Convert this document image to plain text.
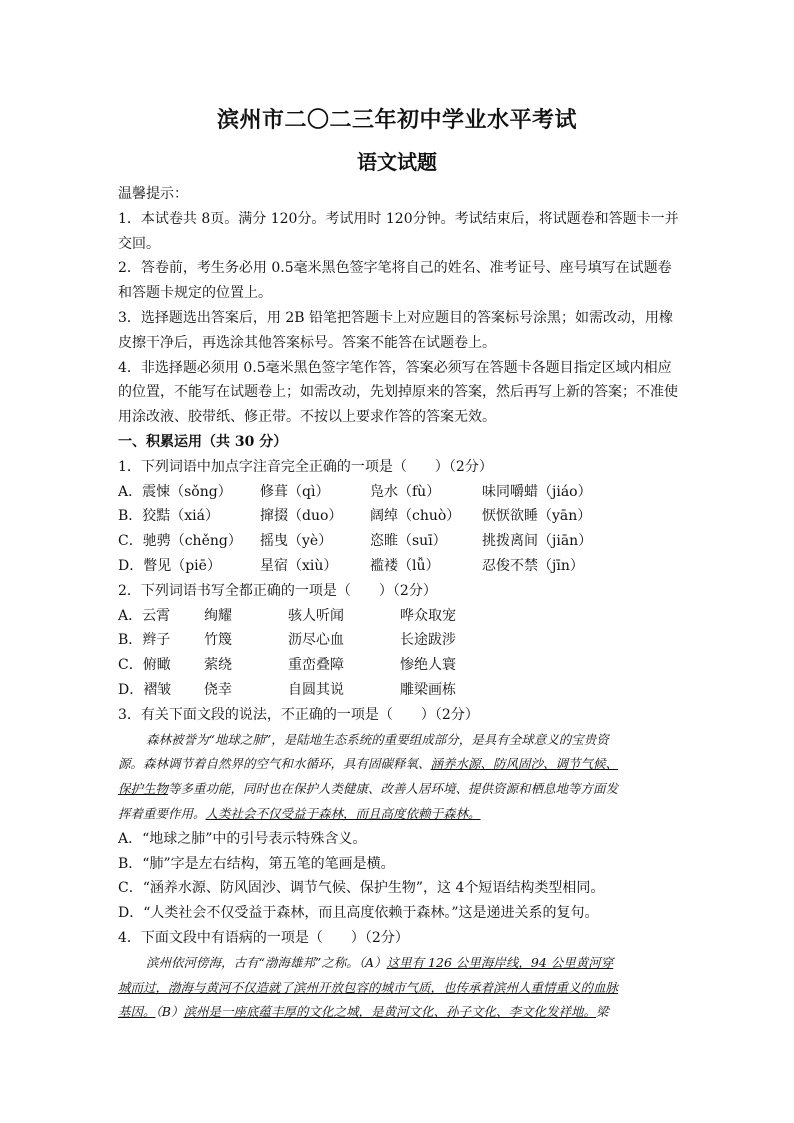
滨州市二〇二三年初中学业水平考试
语文试题
温馨提示：
1．本试卷共 8页。满分 120分。考试用时 120分钟。考试结束后，将试题卷和答题卡一并
交回。
2．答卷前，考生务必用 0.5毫米黑色签字笔将自己的姓名、准考证号、座号填写在试题卷
和答题卡规定的位置上。
3．选择题选出答案后，用 2B 铅笔把答题卡上对应题目的答案标号涂黑；如需改动，用橡
皮擦干净后，再选涂其他答案标号。答案不能答在试题卷上。
4．非选择题必须用 0.5毫米黑色签字笔作答，答案必须写在答题卡各题目指定区域内相应
的位置，不能写在试题卷上；如需改动，先划掉原来的答案，然后再写上新的答案；不准使
用涂改液、胶带纸、修正带。不按以上要求作答的答案无效。
一、积累运用（共 30 分）
1．下列词语中加点字注音完全正确的一项是（　　）（2分）
A．震悚（sǒng） 修葺（qì）	凫水（fù）	味同嚼蜡（jiáo）
B．狡黠（xiá）	撺掇（duo） 阔绰（chuò） 恹恹欲睡（yān）
C．驰骋（chěng） 摇曳（yè）	恣睢（suī）	挑拨离间（jiān）
D．瞥见（piē）	星宿（xiù） 褴褛（lǚ）	忍俊不禁（jīn）
2．下列词语书写全都正确的一项是（　　）（2分）
A．云霄 绚耀	骇人听闻	哗众取宠
B．辫子 竹篾	沥尽心血	长途跋涉
C．俯瞰 萦绕	重峦叠障	惨绝人寰
D．褶皱 侥幸	自圆其说	雕梁画栋
3．有关下面文段的说法，不正确的一项是（　　）（2分）
森林被誉为“地球之肺”，是陆地生态系统的重要组成部分，是具有全球意义的宝贵资
源。森林调节着自然界的空气和水循环，具有固碳释氧、涵养水源、防风固沙、调节气候、
保护生物等多重功能，同时也在保护人类健康、改善人居环境、提供资源和栖息地等方面发
挥着重要作用。人类社会不仅受益于森林，而且高度依赖于森林。
A．“地球之肺”中的引号表示特殊含义。
B．“肺”字是左右结构，第五笔的笔画是横。
C．“涵养水源、防风固沙、调节气候、保护生物”，这 4个短语结构类型相同。
D．“人类社会不仅受益于森林，而且高度依赖于森林。”这是递进关系的复句。
4．下面文段中有语病的一项是（　　）（2分）
滨州依河傍海，古有“渤海雄邦”之称。（A）这里有 126 公里海岸线，94 公里黄河穿
城而过，渤海与黄河不仅造就了滨州开放包容的城市气质，也传承着滨州人重情重义的血脉
基因。（B）滨州是一座底蕴丰厚的文化之城，是黄河文化、孙子文化、李文化发祥地。梁
